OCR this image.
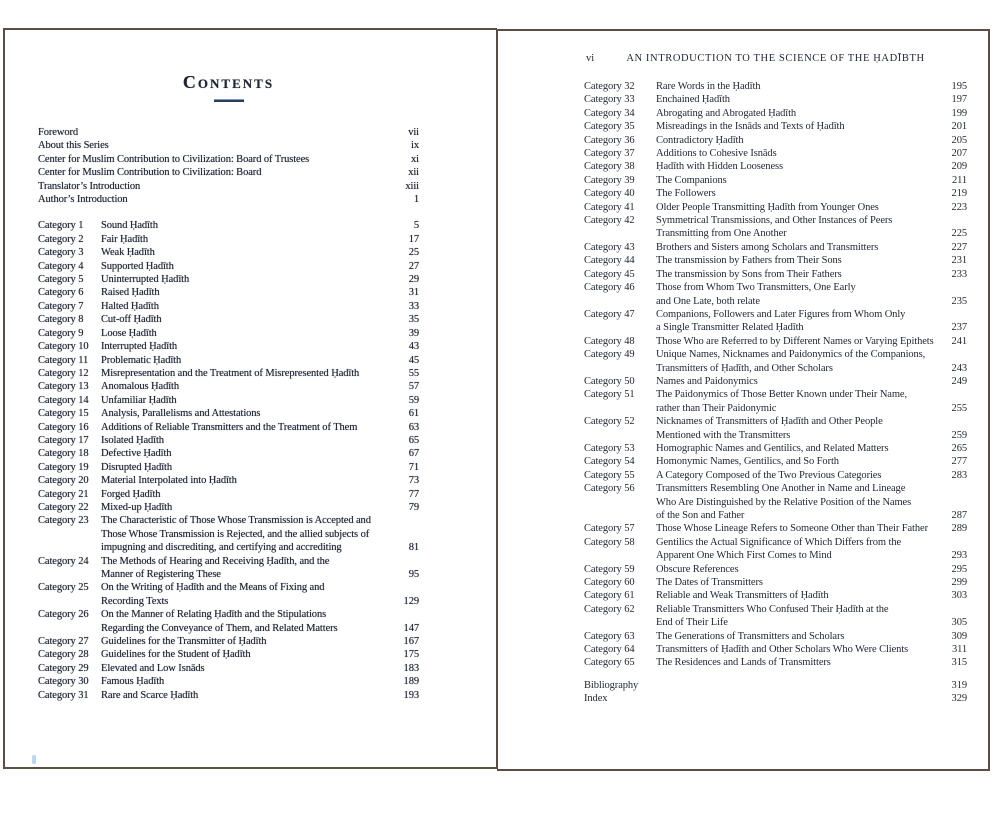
Contents
Foreword	vii
About this Series	ix
Center for Muslim Contribution to Civilization: Board of Trustees	xi
Center for Muslim Contribution to Civilization: Board	xii
Translator’s Introduction	xiii
Author’s Introduction	1
Category 1	Sound Ḥadīth	5
Category 2	Fair Ḥadīth	17
Category 3	Weak Ḥadīth	25
Category 4	Supported Ḥadīth	27
Category 5	Uninterrupted Ḥadīth	29
Category 6	Raised Ḥadīth	31
Category 7	Halted Ḥadīth	33
Category 8	Cut-off Ḥadīth	35
Category 9	Loose Ḥadīth	39
Category 10	Interrupted Ḥadīth	43
Category 11	Problematic Ḥadīth	45
Category 12	Misrepresentation and the Treatment of Misrepresented Ḥadīth	55
Category 13	Anomalous Ḥadīth	57
Category 14	Unfamiliar Ḥadīth	59
Category 15	Analysis, Parallelisms and Attestations	61
Category 16	Additions of Reliable Transmitters and the Treatment of Them	63
Category 17	Isolated Ḥadīth	65
Category 18	Defective Ḥadīth	67
Category 19	Disrupted Ḥadīth	71
Category 20	Material Interpolated into Ḥadīth	73
Category 21	Forged Ḥadīth	77
Category 22	Mixed-up Ḥadīth	79
Category 23	The Characteristic of Those Whose Transmission is Accepted and
Those Whose Transmission is Rejected, and the allied subjects of
impugning and discrediting, and certifying and accrediting	81
Category 24	The Methods of Hearing and Receiving Ḥadīth, and the
Manner of Registering These	95
Category 25	On the Writing of Ḥadīth and the Means of Fixing and
Recording Texts	129
Category 26	On the Manner of Relating Ḥadīth and the Stipulations
Regarding the Conveyance of Them, and Related Matters	147
Category 27	Guidelines for the Transmitter of Ḥadīth	167
Category 28	Guidelines for the Student of Ḥadīth	175
Category 29	Elevated and Low Isnāds	183
Category 30	Famous Ḥadīth	189
Category 31	Rare and Scarce Ḥadīth	193
vi	AN INTRODUCTION TO THE SCIENCE OF THE ḤADĪBTH
Category 32	Rare Words in the Ḥadīth	195
Category 33	Enchained Ḥadīth	197
Category 34	Abrogating and Abrogated Ḥadīth	199
Category 35	Misreadings in the Isnāds and Texts of Ḥadīth	201
Category 36	Contradictory Ḥadīth	205
Category 37	Additions to Cohesive Isnāds	207
Category 38	Ḥadīth with Hidden Looseness	209
Category 39	The Companions	211
Category 40	The Followers	219
Category 41	Older People Transmitting Ḥadīth from Younger Ones	223
Category 42	Symmetrical Transmissions, and Other Instances of Peers
Transmitting from One Another	225
Category 43	Brothers and Sisters among Scholars and Transmitters	227
Category 44	The transmission by Fathers from Their Sons	231
Category 45	The transmission by Sons from Their Fathers	233
Category 46	Those from Whom Two Transmitters, One Early
and One Late, both relate	235
Category 47	Companions, Followers and Later Figures from Whom Only
a Single Transmitter Related Ḥadīth	237
Category 48	Those Who are Referred to by Different Names or Varying Epithets	241
Category 49	Unique Names, Nicknames and Paidonymics of the Companions,
Transmitters of Ḥadīth, and Other Scholars	243
Category 50	Names and Paidonymics	249
Category 51	The Paidonymics of Those Better Known under Their Name,
rather than Their Paidonymic	255
Category 52	Nicknames of Transmitters of Ḥadīth and Other People
Mentioned with the Transmitters	259
Category 53	Homographic Names and Gentilics, and Related Matters	265
Category 54	Homonymic Names, Gentilics, and So Forth	277
Category 55	A Category Composed of the Two Previous Categories	283
Category 56	Transmitters Resembling One Another in Name and Lineage
Who Are Distinguished by the Relative Position of the Names
of the Son and Father	287
Category 57	Those Whose Lineage Refers to Someone Other than Their Father	289
Category 58	Gentilics the Actual Significance of Which Differs from the
Apparent One Which First Comes to Mind	293
Category 59	Obscure References	295
Category 60	The Dates of Transmitters	299
Category 61	Reliable and Weak Transmitters of Ḥadīth	303
Category 62	Reliable Transmitters Who Confused Their Ḥadīth at the
End of Their Life	305
Category 63	The Generations of Transmitters and Scholars	309
Category 64	Transmitters of Ḥadīth and Other Scholars Who Were Clients	311
Category 65	The Residences and Lands of Transmitters	315
Bibliography	319
Index	329
